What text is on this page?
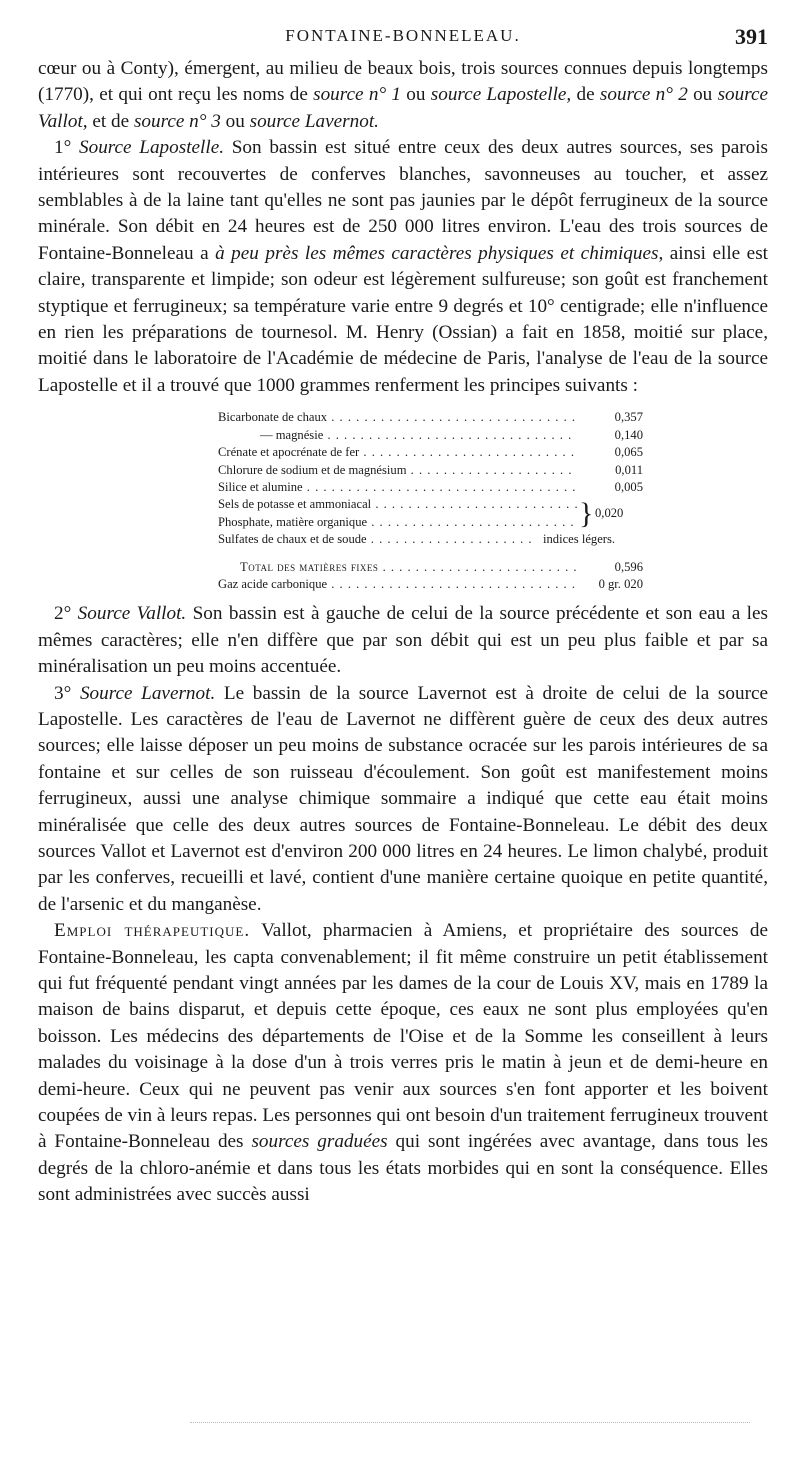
FONTAINE-BONNELEAU.	391

cœur ou à Conty), émergent, au milieu de beaux bois, trois sources connues depuis longtemps (1770), et qui ont reçu les noms de source n° 1 ou source Lapostelle, de source n° 2 ou source Vallot, et de source n° 3 ou source Lavernot.

1° Source Lapostelle. Son bassin est situé entre ceux des deux autres sources, ses parois intérieures sont recouvertes de conferves blanches, savonneuses au toucher, et assez semblables à de la laine tant qu'elles ne sont pas jaunies par le dépôt ferrugineux de la source minérale. Son débit en 24 heures est de 250 000 litres environ. L'eau des trois sources de Fontaine-Bonneleau a à peu près les mêmes caractères physiques et chimiques, ainsi elle est claire, transparente et limpide; son odeur est légèrement sulfureuse; son goût est franchement styptique et ferrugineux; sa température varie entre 9 degrés et 10° centigrade; elle n'influence en rien les préparations de tournesol. M. Henry (Ossian) a fait en 1858, moitié sur place, moitié dans le laboratoire de l'Académie de médecine de Paris, l'analyse de l'eau de la source Lapostelle et il a trouvé que 1000 grammes renferment les principes suivants :

Bicarbonate de chaux . . .	0,357
— magnésie . . .	0,140
Crénate et apocrénate de fer . . .	0,065
Chlorure de sodium et de magnésium . . .	0,011
Silice et alumine . . .	0,005
Sels de potasse et ammoniacal . . .
Phosphate, matière organique . . .	} 0,020
Sulfates de chaux et de soude . . .	indices légers.
Total des matières fixes . . .	0,596
Gaz acide carbonique . . .	0 gr. 020

2° Source Vallot. Son bassin est à gauche de celui de la source précédente et son eau a les mêmes caractères; elle n'en diffère que par son débit qui est un peu plus faible et par sa minéralisation un peu moins accentuée.

3° Source Lavernot. Le bassin de la source Lavernot est à droite de celui de la source Lapostelle. Les caractères de l'eau de Lavernot ne diffèrent guère de ceux des deux autres sources; elle laisse déposer un peu moins de substance ocracée sur les parois intérieures de sa fontaine et sur celles de son ruisseau d'écoulement. Son goût est manifestement moins ferrugineux, aussi une analyse chimique sommaire a indiqué que cette eau était moins minéralisée que celle des deux autres sources de Fontaine-Bonneleau. Le débit des deux sources Vallot et Lavernot est d'environ 200 000 litres en 24 heures. Le limon chalybé, produit par les conferves, recueilli et lavé, contient d'une manière certaine quoique en petite quantité, de l'arsenic et du manganèse.

Emploi thérapeutique. Vallot, pharmacien à Amiens, et propriétaire des sources de Fontaine-Bonneleau, les capta convenablement; il fit même construire un petit établissement qui fut fréquenté pendant vingt années par les dames de la cour de Louis XV, mais en 1789 la maison de bains disparut, et depuis cette époque, ces eaux ne sont plus employées qu'en boisson. Les médecins des départements de l'Oise et de la Somme les conseillent à leurs malades du voisinage à la dose d'un à trois verres pris le matin à jeun et de demi-heure en demi-heure. Ceux qui ne peuvent pas venir aux sources s'en font apporter et les boivent coupées de vin à leurs repas. Les personnes qui ont besoin d'un traitement ferrugineux trouvent à Fontaine-Bonneleau des sources graduées qui sont ingérées avec avantage, dans tous les degrés de la chloro-anémie et dans tous les états morbides qui en sont la conséquence. Elles sont administrées avec succès aussi
